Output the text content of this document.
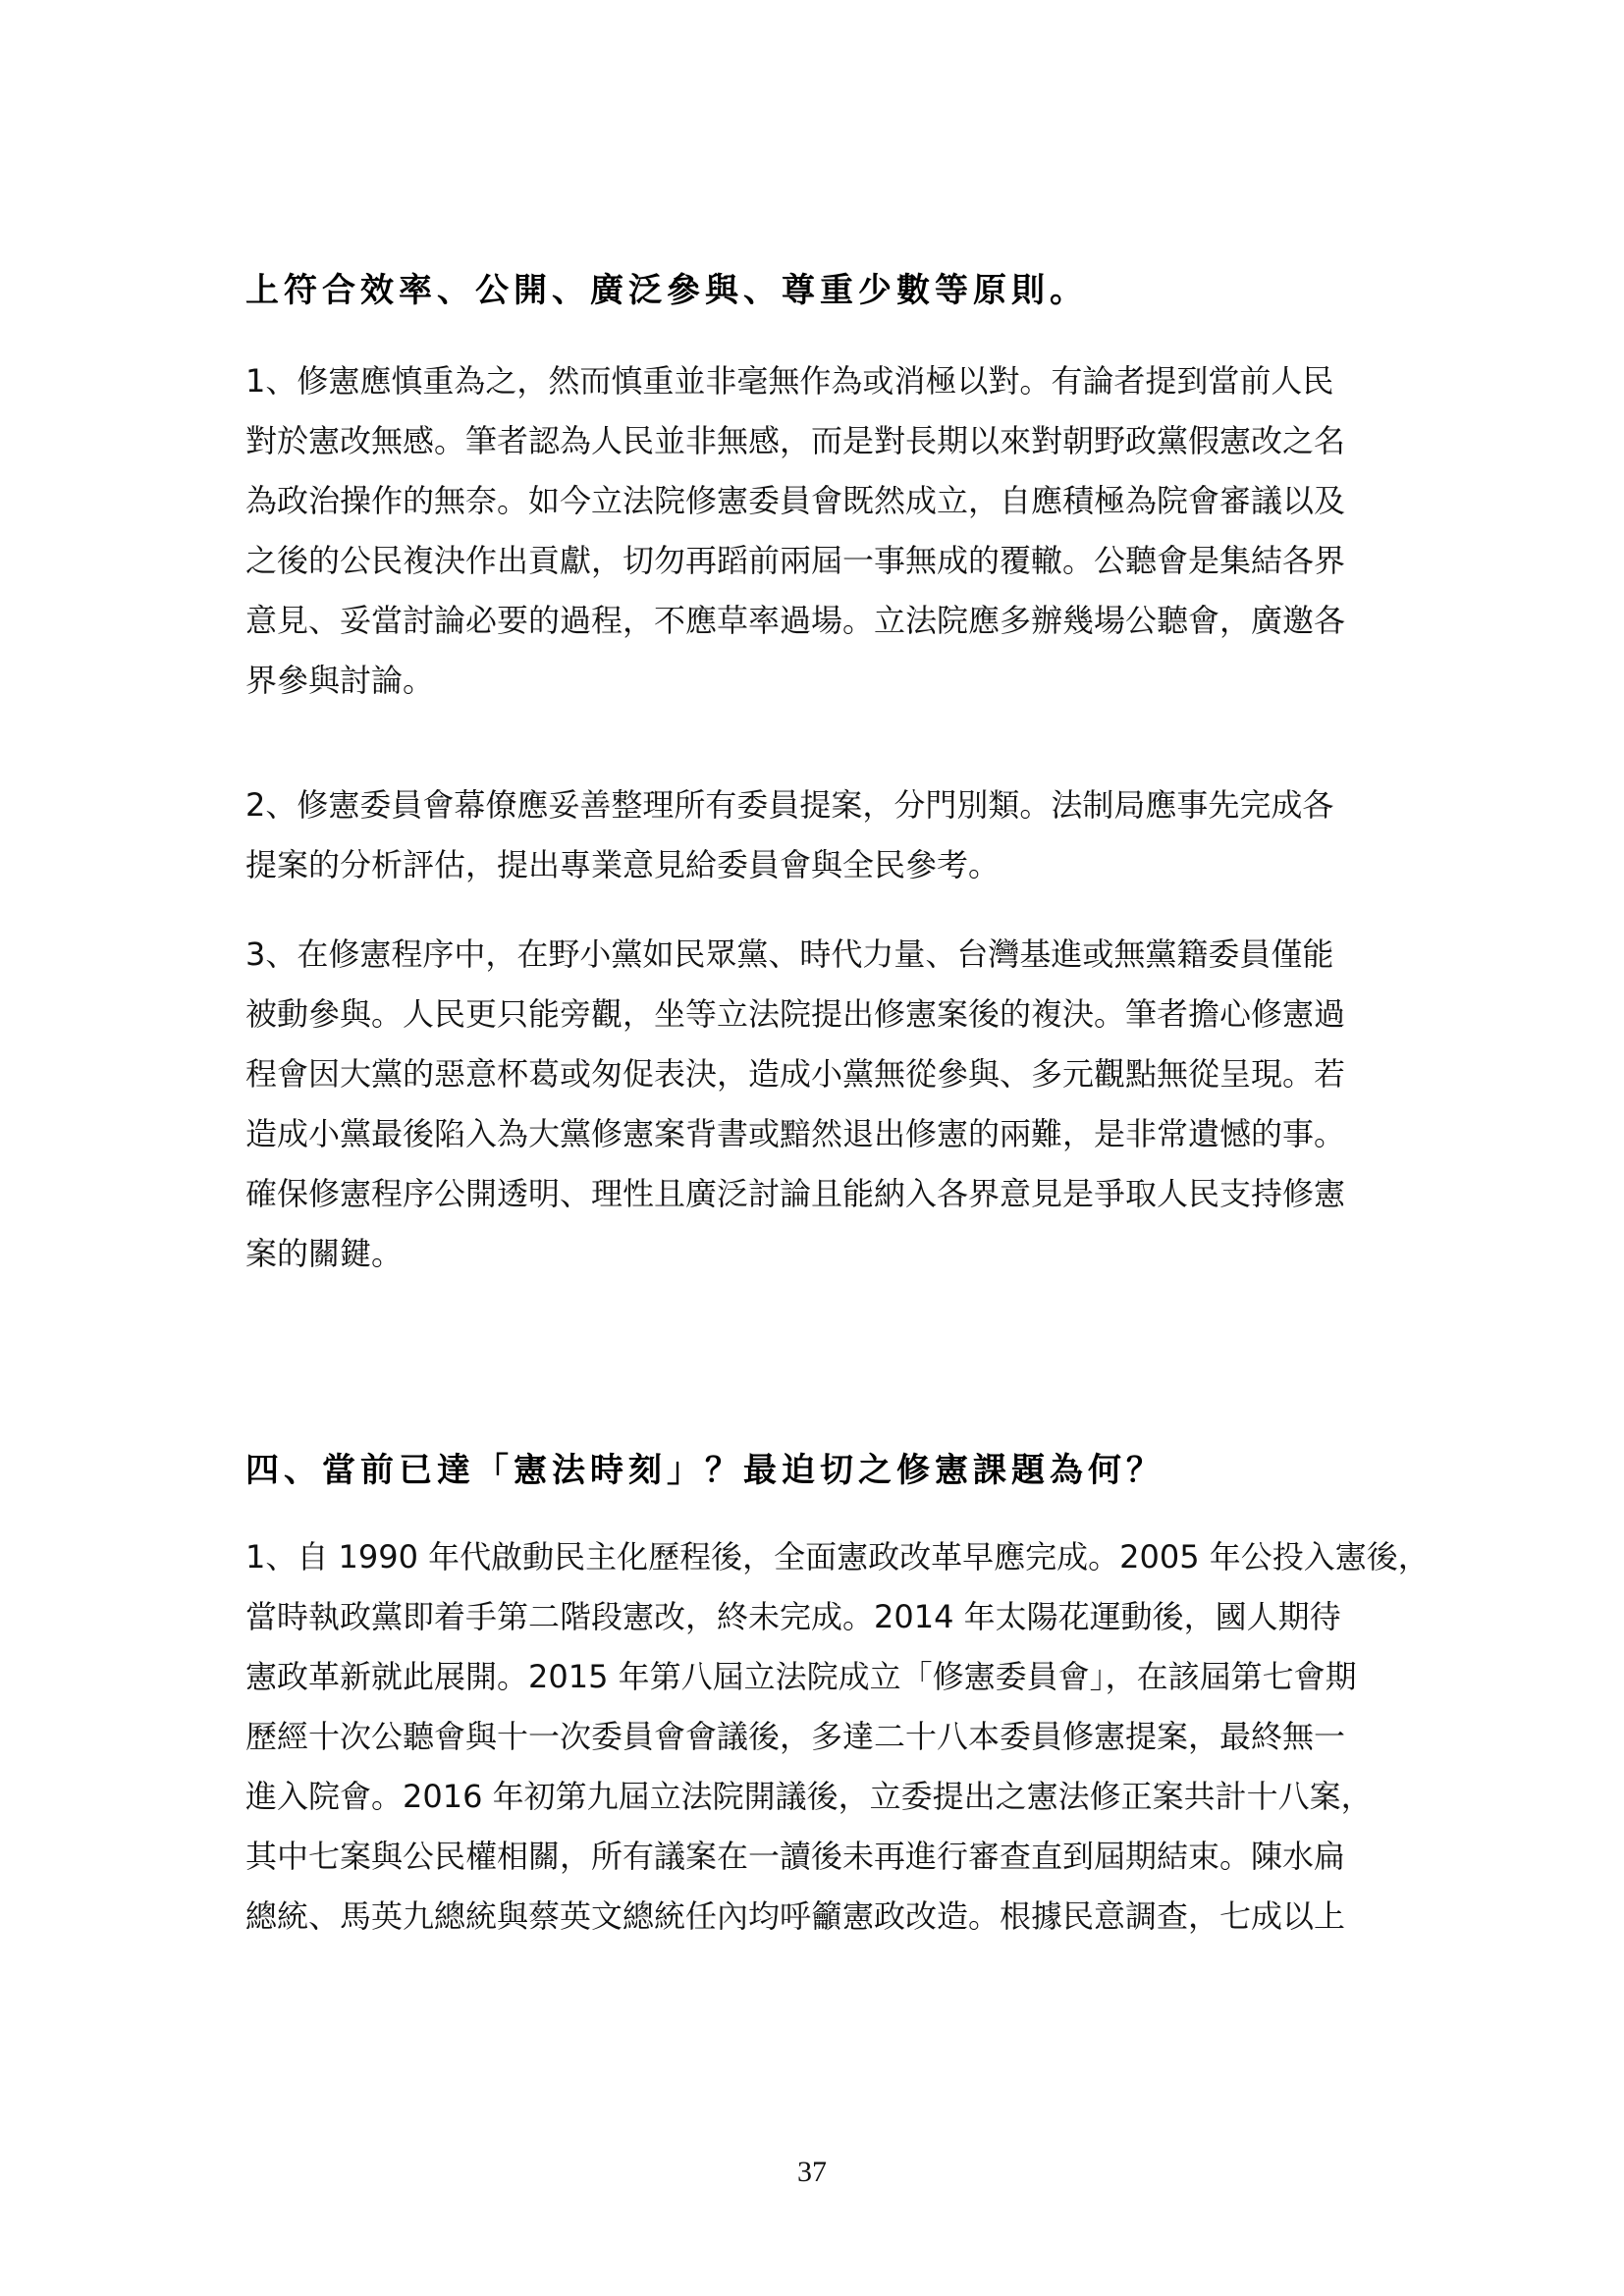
上符合效率、公開、廣泛參與、尊重少數等原則。
1、修憲應慎重為之，然而慎重並非毫無作為或消極以對。有論者提到當前人民
對於憲改無感。筆者認為人民並非無感，而是對長期以來對朝野政黨假憲改之名
為政治操作的無奈。如今立法院修憲委員會既然成立，自應積極為院會審議以及
之後的公民複決作出貢獻，切勿再蹈前兩屆一事無成的覆轍。公聽會是集結各界
意見、妥當討論必要的過程，不應草率過場。立法院應多辦幾場公聽會，廣邀各
界參與討論。
2、修憲委員會幕僚應妥善整理所有委員提案，分門別類。法制局應事先完成各
提案的分析評估，提出專業意見給委員會與全民參考。
3、在修憲程序中，在野小黨如民眾黨、時代力量、台灣基進或無黨籍委員僅能
被動參與。人民更只能旁觀，坐等立法院提出修憲案後的複決。筆者擔心修憲過
程會因大黨的惡意杯葛或匆促表決，造成小黨無從參與、多元觀點無從呈現。若
造成小黨最後陷入為大黨修憲案背書或黯然退出修憲的兩難，是非常遺憾的事。
確保修憲程序公開透明、理性且廣泛討論且能納入各界意見是爭取人民支持修憲
案的關鍵。
四、當前已達「憲法時刻」？最迫切之修憲課題為何？
1、自 1990 年代啟動民主化歷程後，全面憲政改革早應完成。2005 年公投入憲後，
當時執政黨即着手第二階段憲改，終未完成。2014 年太陽花運動後，國人期待
憲政革新就此展開。2015 年第八屆立法院成立「修憲委員會」，在該屆第七會期
歷經十次公聽會與十一次委員會會議後，多達二十八本委員修憲提案，最終無一
進入院會。2016 年初第九屆立法院開議後，立委提出之憲法修正案共計十八案，
其中七案與公民權相關，所有議案在一讀後未再進行審查直到屆期結束。陳水扁
總統、馬英九總統與蔡英文總統任內均呼籲憲政改造。根據民意調查，七成以上

37
